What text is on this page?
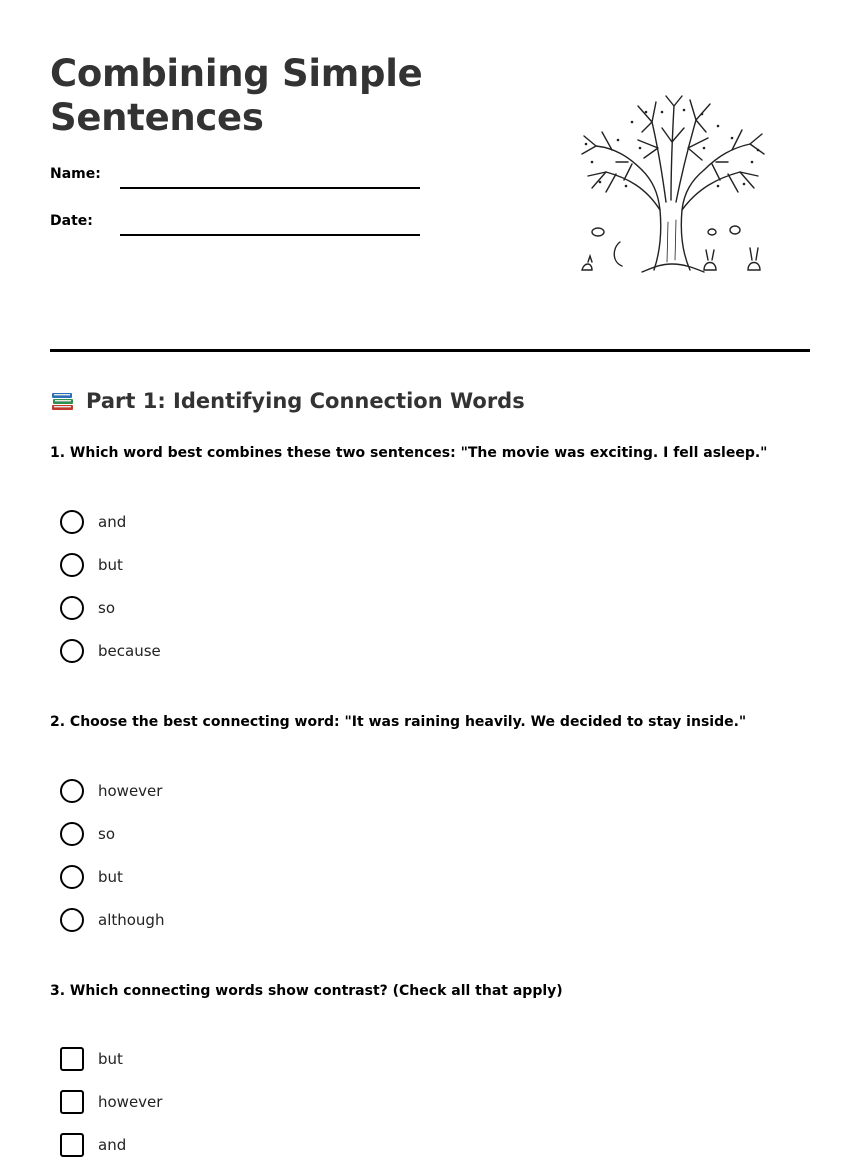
Combining Simple Sentences
Name:
Date:
Part 1: Identifying Connection Words
1. Which word best combines these two sentences: "The movie was exciting. I fell asleep."
and
but
so
because
2. Choose the best connecting word: "It was raining heavily. We decided to stay inside."
however
so
but
although
3. Which connecting words show contrast? (Check all that apply)
but
however
and
